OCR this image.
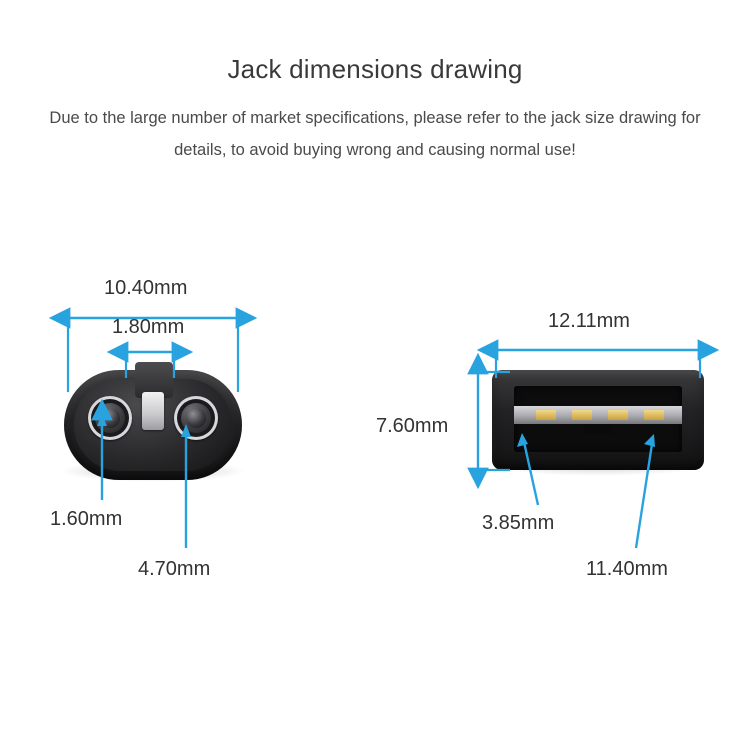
Jack dimensions drawing

Due to the large number of market specifications, please refer to the jack size drawing for details, to avoid buying wrong and causing normal use!

10.40mm
1.80mm
1.60mm
4.70mm
12.11mm
7.60mm
3.85mm
11.40mm
